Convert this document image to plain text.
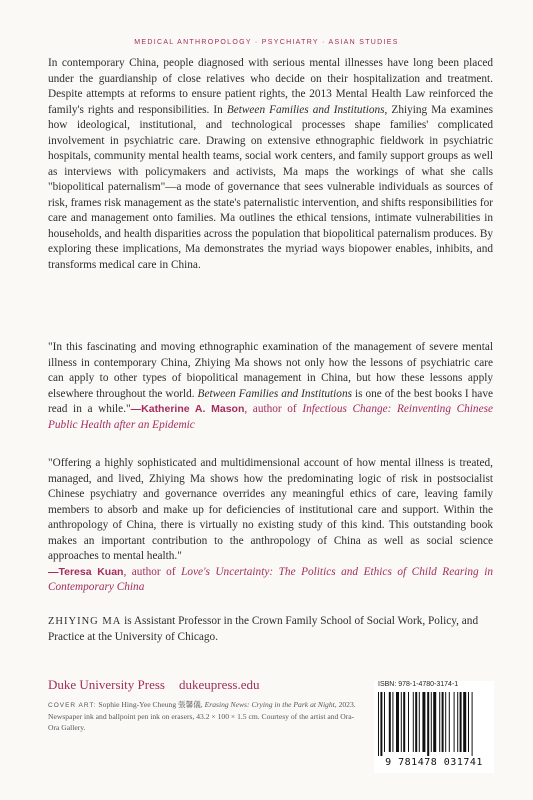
MEDICAL ANTHROPOLOGY · PSYCHIATRY · ASIAN STUDIES

In contemporary China, people diagnosed with serious mental illnesses have long been placed under the guardianship of close relatives who decide on their hospitalization and treatment. Despite attempts at reforms to ensure patient rights, the 2013 Mental Health Law reinforced the family's rights and responsibilities. In Between Families and Institutions, Zhiying Ma examines how ideological, institutional, and technological processes shape families' complicated involvement in psychiatric care. Drawing on extensive ethnographic fieldwork in psychiatric hospitals, community mental health teams, social work centers, and family support groups as well as interviews with policymakers and activists, Ma maps the workings of what she calls "biopolitical paternalism"—a mode of governance that sees vulnerable individuals as sources of risk, frames risk management as the state's paternalistic intervention, and shifts responsibilities for care and management onto families. Ma outlines the ethical tensions, intimate vulnerabilities in households, and health disparities across the population that biopolitical paternalism produces. By exploring these implications, Ma demonstrates the myriad ways biopower enables, inhibits, and transforms medical care in China.

"In this fascinating and moving ethnographic examination of the management of severe mental illness in contemporary China, Zhiying Ma shows not only how the lessons of psychiatric care can apply to other types of biopolitical management in China, but how these lessons apply elsewhere throughout the world. Between Families and Institutions is one of the best books I have read in a while."—Katherine A. Mason, author of Infectious Change: Reinventing Chinese Public Health after an Epidemic

"Offering a highly sophisticated and multidimensional account of how mental illness is treated, managed, and lived, Zhiying Ma shows how the predominating logic of risk in postsocialist Chinese psychiatry and governance overrides any meaningful ethics of care, leaving family members to absorb and make up for deficiencies of institutional care and support. Within the anthropology of China, there is virtually no existing study of this kind. This outstanding book makes an important contribution to the anthropology of China as well as social science approaches to mental health."
—Teresa Kuan, author of Love's Uncertainty: The Politics and Ethics of Child Rearing in Contemporary China

ZHIYING MA is Assistant Professor in the Crown Family School of Social Work, Policy, and Practice at the University of Chicago.

Duke University Press dukeupress.edu

COVER ART: Sophie Hing-Yee Cheung 張馨儀, Erasing News: Crying in the Park at Night, 2023. Newspaper ink and ballpoint pen ink on erasers, 43.2 × 100 × 1.5 cm. Courtesy of the artist and Ora-Ora Gallery.

ISBN: 978-1-4780-3174-1
9 781478 031741
